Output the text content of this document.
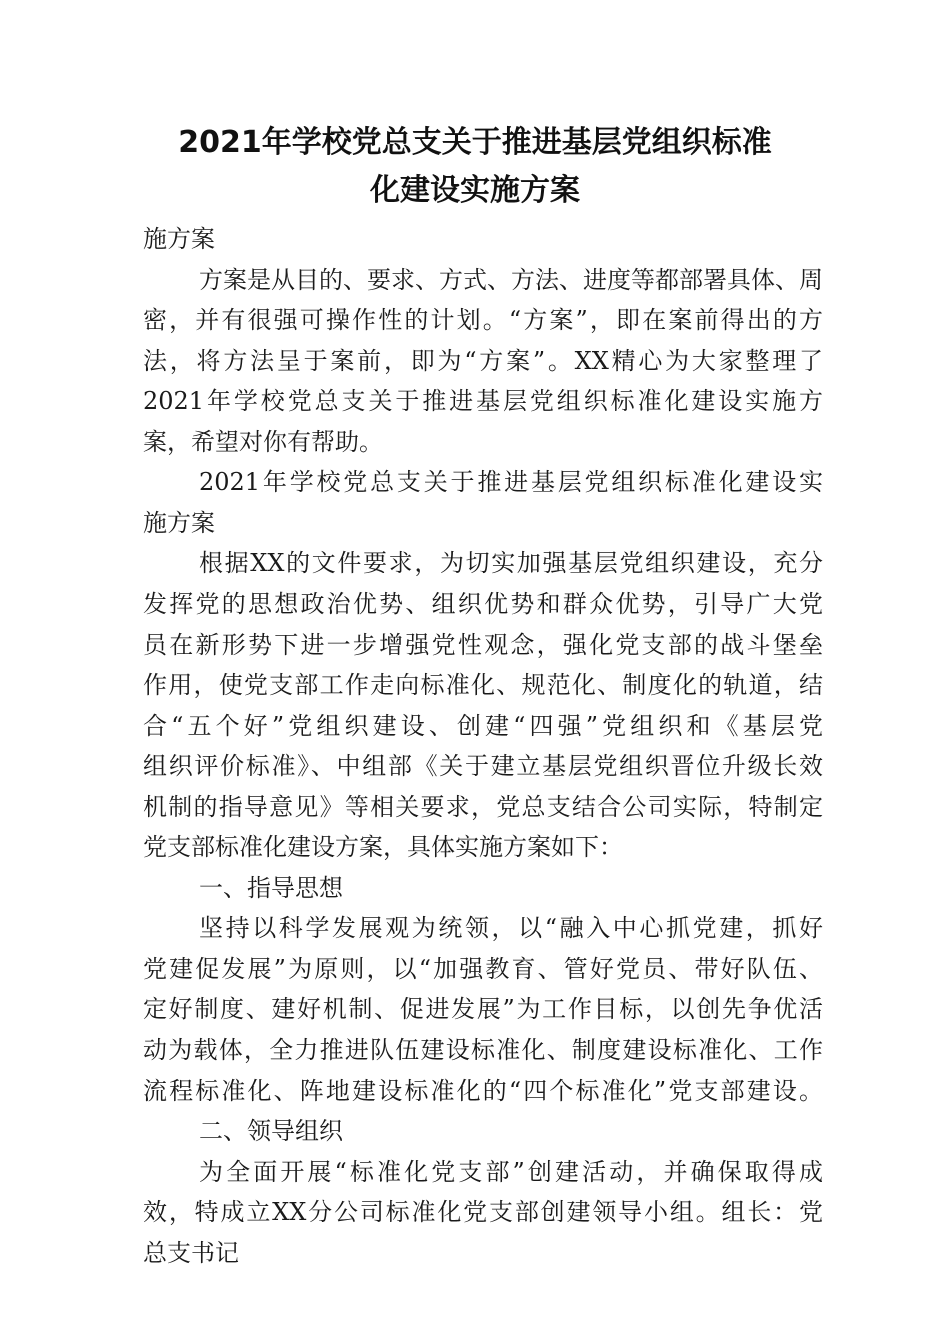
2021年学校党总支关于推进基层党组织标准
化建设实施方案
施方案
方案是从目的、要求、方式、方法、进度等都部署具体、周
密，并有很强可操作性的计划。“方案”，即在案前得出的方
法，将方法呈于案前，即为“方案”。XX精心为大家整理了
2021年学校党总支关于推进基层党组织标准化建设实施方
案，希望对你有帮助。
2021年学校党总支关于推进基层党组织标准化建设实
施方案
根据XX的文件要求，为切实加强基层党组织建设，充分
发挥党的思想政治优势、组织优势和群众优势，引导广大党
员在新形势下进一步增强党性观念，强化党支部的战斗堡垒
作用，使党支部工作走向标准化、规范化、制度化的轨道，结
合“五个好”党组织建设、创建“四强”党组织和《基层党
组织评价标准》、中组部《关于建立基层党组织晋位升级长效
机制的指导意见》等相关要求，党总支结合公司实际，特制定
党支部标准化建设方案，具体实施方案如下：
一、指导思想
坚持以科学发展观为统领，以“融入中心抓党建，抓好
党建促发展”为原则，以“加强教育、管好党员、带好队伍、
定好制度、建好机制、促进发展”为工作目标，以创先争优活
动为载体，全力推进队伍建设标准化、制度建设标准化、工作
流程标准化、阵地建设标准化的“四个标准化”党支部建设。
二、领导组织
为全面开展“标准化党支部”创建活动，并确保取得成
效，特成立XX分公司标准化党支部创建领导小组。组长：党
总支书记
